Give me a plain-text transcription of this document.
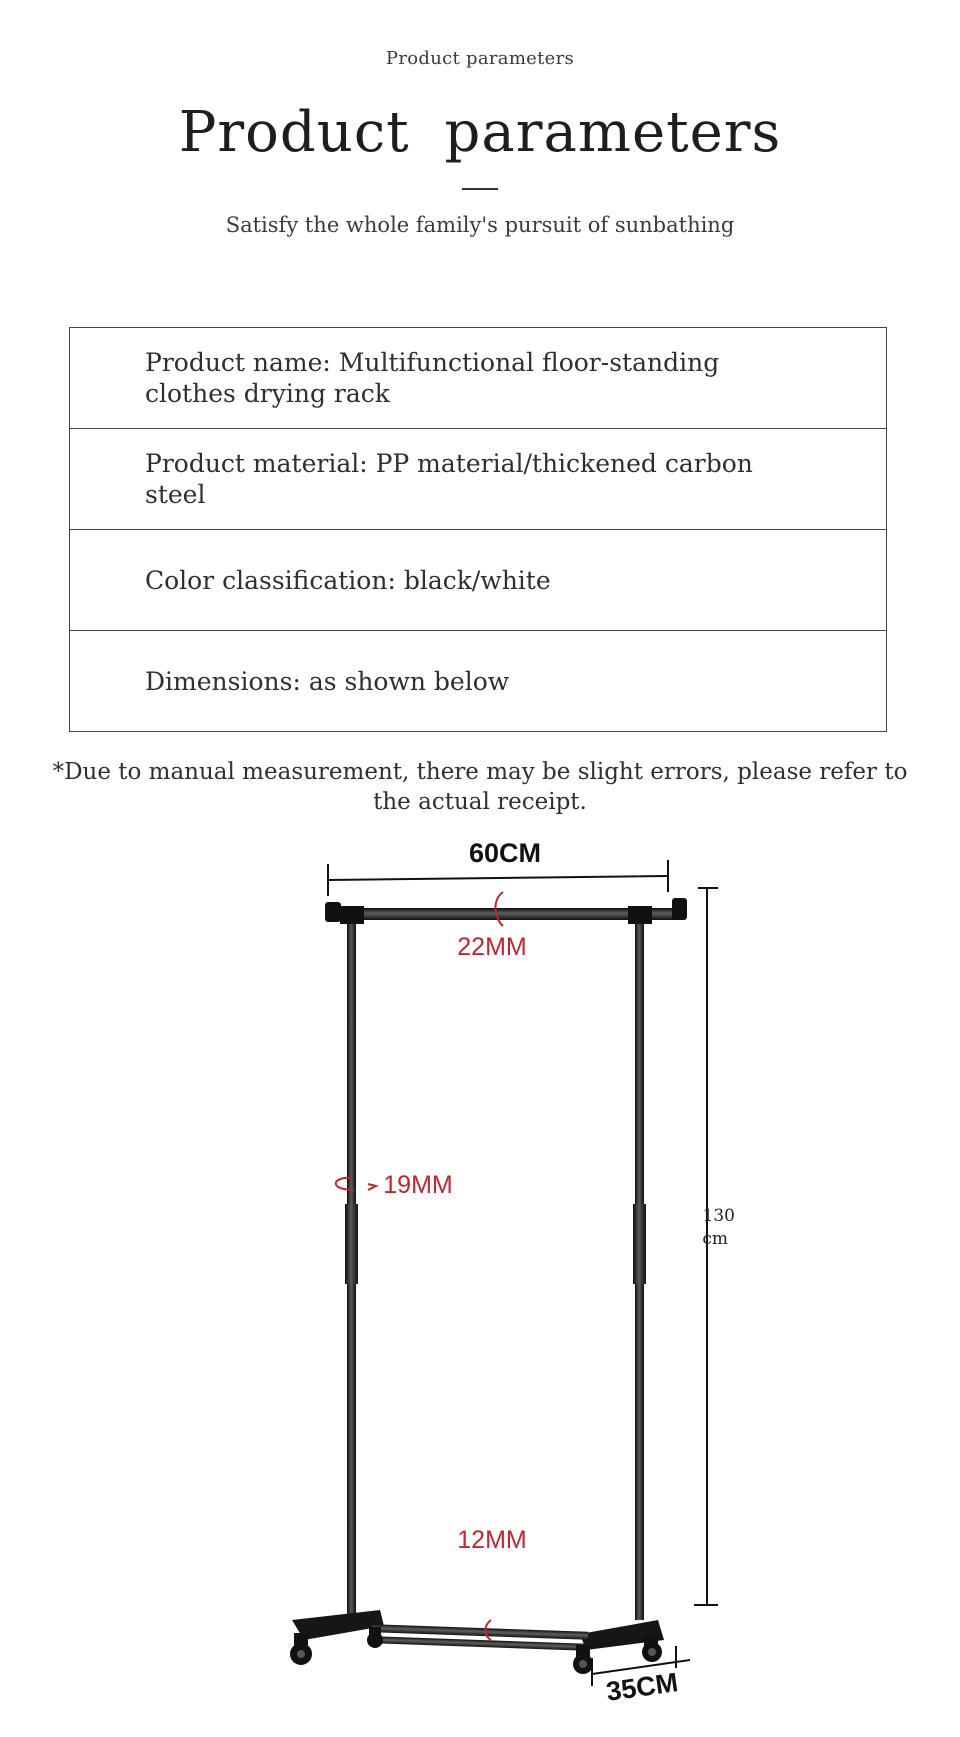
Product parameters
Product parameters
Satisfy the whole family's pursuit of sunbathing
Product name: Multifunctional floor-standing clothes drying rack
Product material: PP material/thickened carbon steel
Color classification: black/white
Dimensions: as shown below
*Due to manual measurement, there may be slight errors, please refer to the actual receipt.
60CM
130
cm
22MM
19MM
12MM
35CM
